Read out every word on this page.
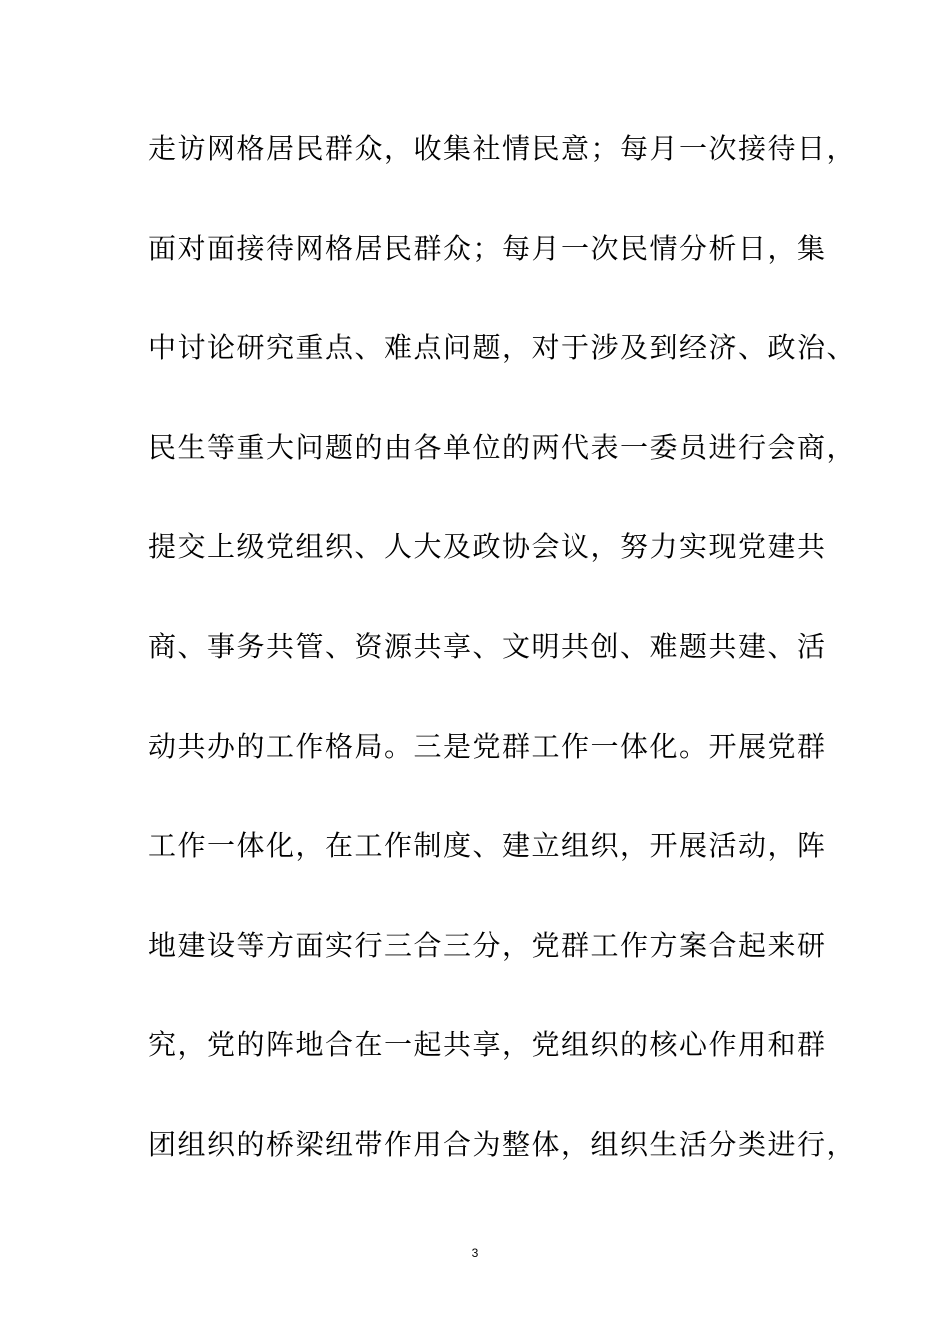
走访网格居民群众，收集社情民意；每月一次接待日，
面对面接待网格居民群众；每月一次民情分析日，集
中讨论研究重点、难点问题，对于涉及到经济、政治、
民生等重大问题的由各单位的两代表一委员进行会商，
提交上级党组织、人大及政协会议，努力实现党建共
商、事务共管、资源共享、文明共创、难题共建、活
动共办的工作格局。三是党群工作一体化。开展党群
工作一体化，在工作制度、建立组织，开展活动，阵
地建设等方面实行三合三分，党群工作方案合起来研
究，党的阵地合在一起共享，党组织的核心作用和群
团组织的桥梁纽带作用合为整体，组织生活分类进行，
3
